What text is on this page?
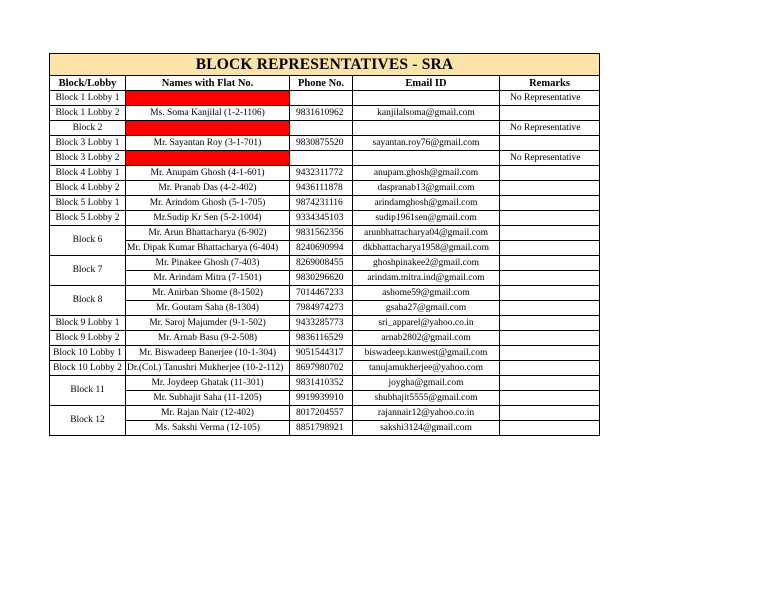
BLOCK REPRESENTATIVES - SRA				
Block/Lobby	Names with Flat No.	Phone No.	Email ID	Remarks
Block 1 Lobby 1	-			No Representative
Block 1 Lobby 2	Ms. Soma Kanjilal (1-2-1106)	9831610962	kanjilalsoma@gmail.com	
Block 2	-			No Representative
Block 3 Lobby 1	Mr. Sayantan Roy (3-1-701)	9830875520	sayantan.roy76@gmail.com	
Block 3 Lobby 2	-			No Representative
Block 4 Lobby 1	Mr. Anupam Ghosh (4-1-601)	9432311772	anupam.ghosh@gmail.com	
Block 4 Lobby 2	Mr. Pranab Das (4-2-402)	9436111878	daspranab13@gmail.com	
Block 5 Lobby 1	Mr. Arindom Ghosh (5-1-705)	9874231116	arindamghosh@gmail.com	
Block 5 Lobby 2	Mr.Sudip Kr Sen (5-2-1004)	9334345103	sudip1961sen@gmail.com	
Block 6	Mr. Arun Bhattacharya (6-902)	9831562356	arunbhattacharya04@gmail.com	
	Mr. Dipak Kumar Bhattacharya (6-404)	8240690994	dkbhattacharya1958@gmail.com	
Block 7	Mr. Pinakee Ghosh (7-403)	8269008455	ghoshpinakee2@gmail.com	
	Mr. Arindam Mitra (7-1501)	9830296620	arindam.mitra.ind@gmail.com	
Block 8	Mr. Anirban Shome (8-1502)	7014467233	ashome59@gmail.com	
	Mr. Goutam Saha (8-1304)	7984974273	gsaha27@gmail.com	
Block 9 Lobby 1	Mr. Saroj Majumder (9-1-502)	9433285773	sri_apparel@yahoo.co.in	
Block 9 Lobby 2	Mr. Arnab Basu (9-2-508)	9836116529	arnab2802@gmail.com	
Block 10 Lobby 1	Mr. Biswadeep Banerjee (10-1-304)	9051544317	biswadeep.kanwest@gmail.com	
Block 10 Lobby 2	Dr.(Col.) Tanushri Mukherjee (10-2-112)	8697980702	tanujamukherjee@yahoo.com	
Block 11	Mr. Joydeep Ghatak (11-301)	9831410352	joygha@gmail.com	
	Mr. Subhajit Saha (11-1205)	9919939910	shubhajit5555@gmail.com	
Block 12	Mr. Rajan Nair (12-402)	8017204557	rajannair12@yahoo.co.in	
	Ms. Sakshi Verma (12-105)	8851798921	sakshi3124@gmail.com	
